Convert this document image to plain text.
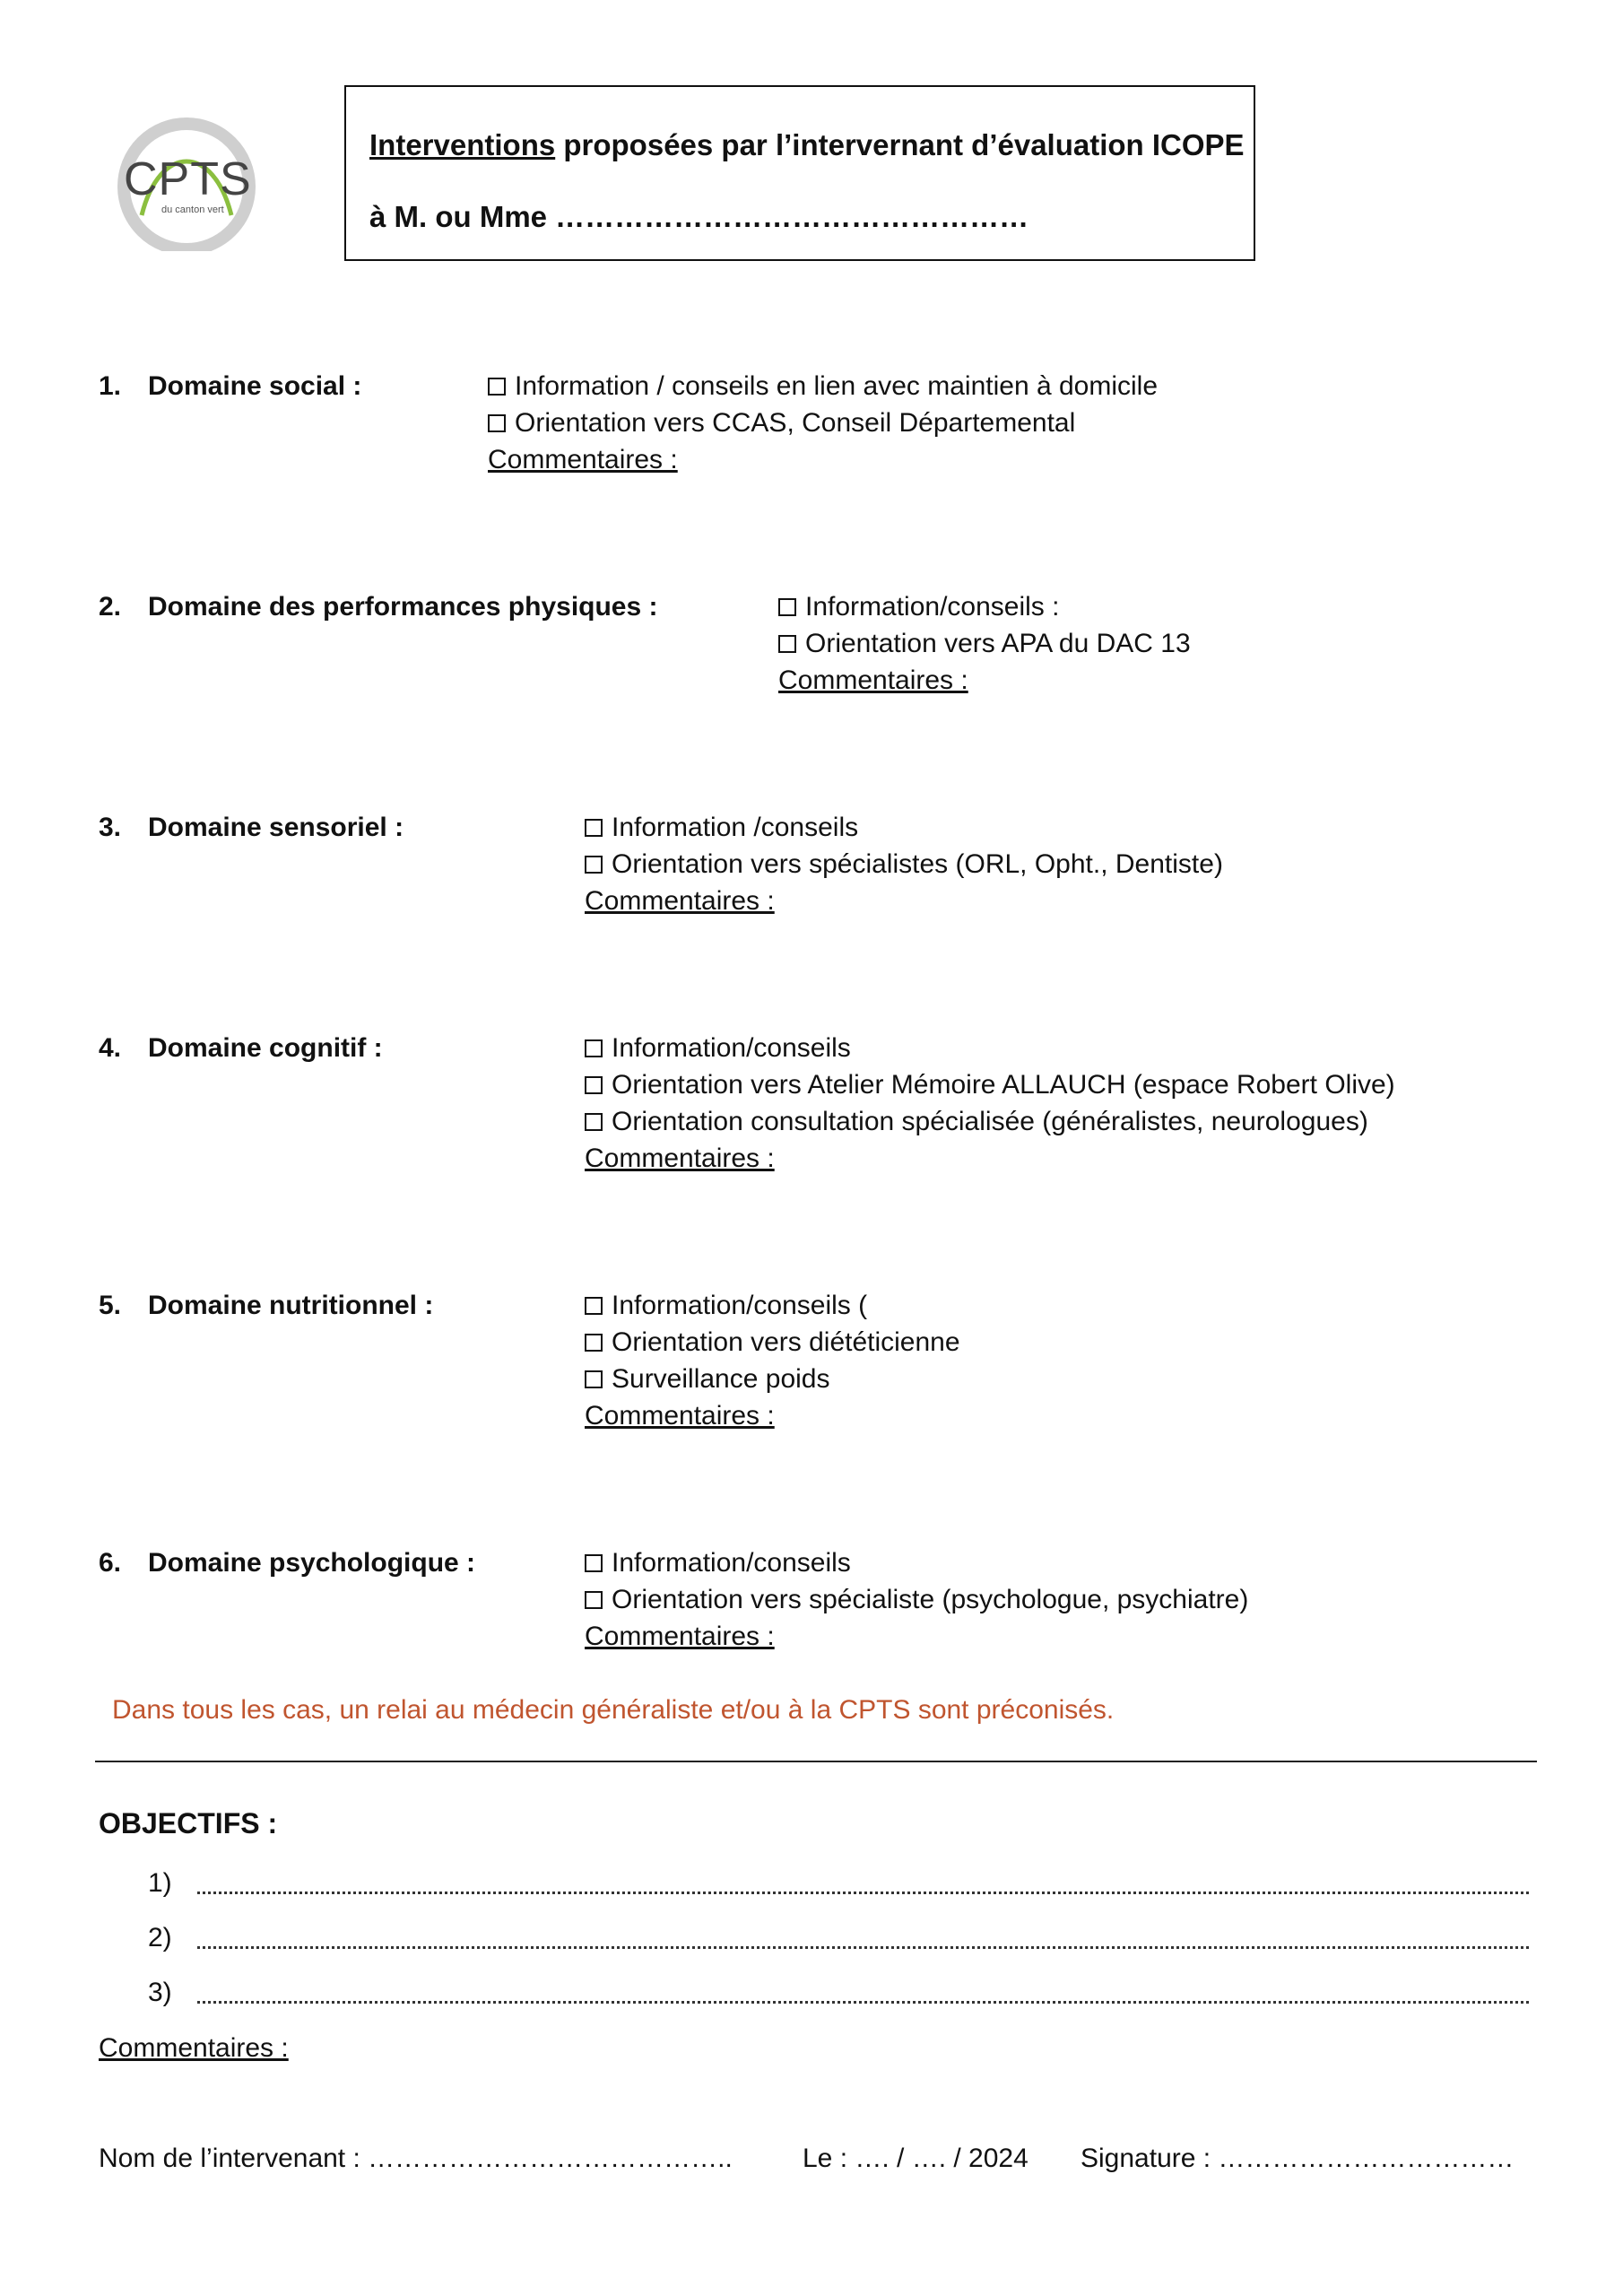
CPTS
du canton vert
Interventions proposées par l’intervernant d’évaluation ICOPE
à M. ou Mme …………………………………………
1. Domaine social :	Information / conseils en lien avec maintien à domicile
Orientation vers CCAS, Conseil Départemental
Commentaires :
2. Domaine des performances physiques :	Information/conseils :
Orientation vers APA du DAC 13
Commentaires :
3. Domaine sensoriel :	Information /conseils
Orientation vers spécialistes (ORL, Opht., Dentiste)
Commentaires :
4. Domaine cognitif :	Information/conseils
Orientation vers Atelier Mémoire ALLAUCH (espace Robert Olive)
Orientation consultation spécialisée (généralistes, neurologues)
Commentaires :
5. Domaine nutritionnel :	Information/conseils (
Orientation vers diététicienne
Surveillance poids
Commentaires :
6. Domaine psychologique :	Information/conseils
Orientation vers spécialiste (psychologue, psychiatre)
Commentaires :
Dans tous les cas, un relai au médecin généraliste et/ou à la CPTS sont préconisés.
OBJECTIFS :
1)
2)
3)
Commentaires :
Nom de l’intervenant : …………………………………..	Le : …. / …. / 2024 Signature : ……………………………
